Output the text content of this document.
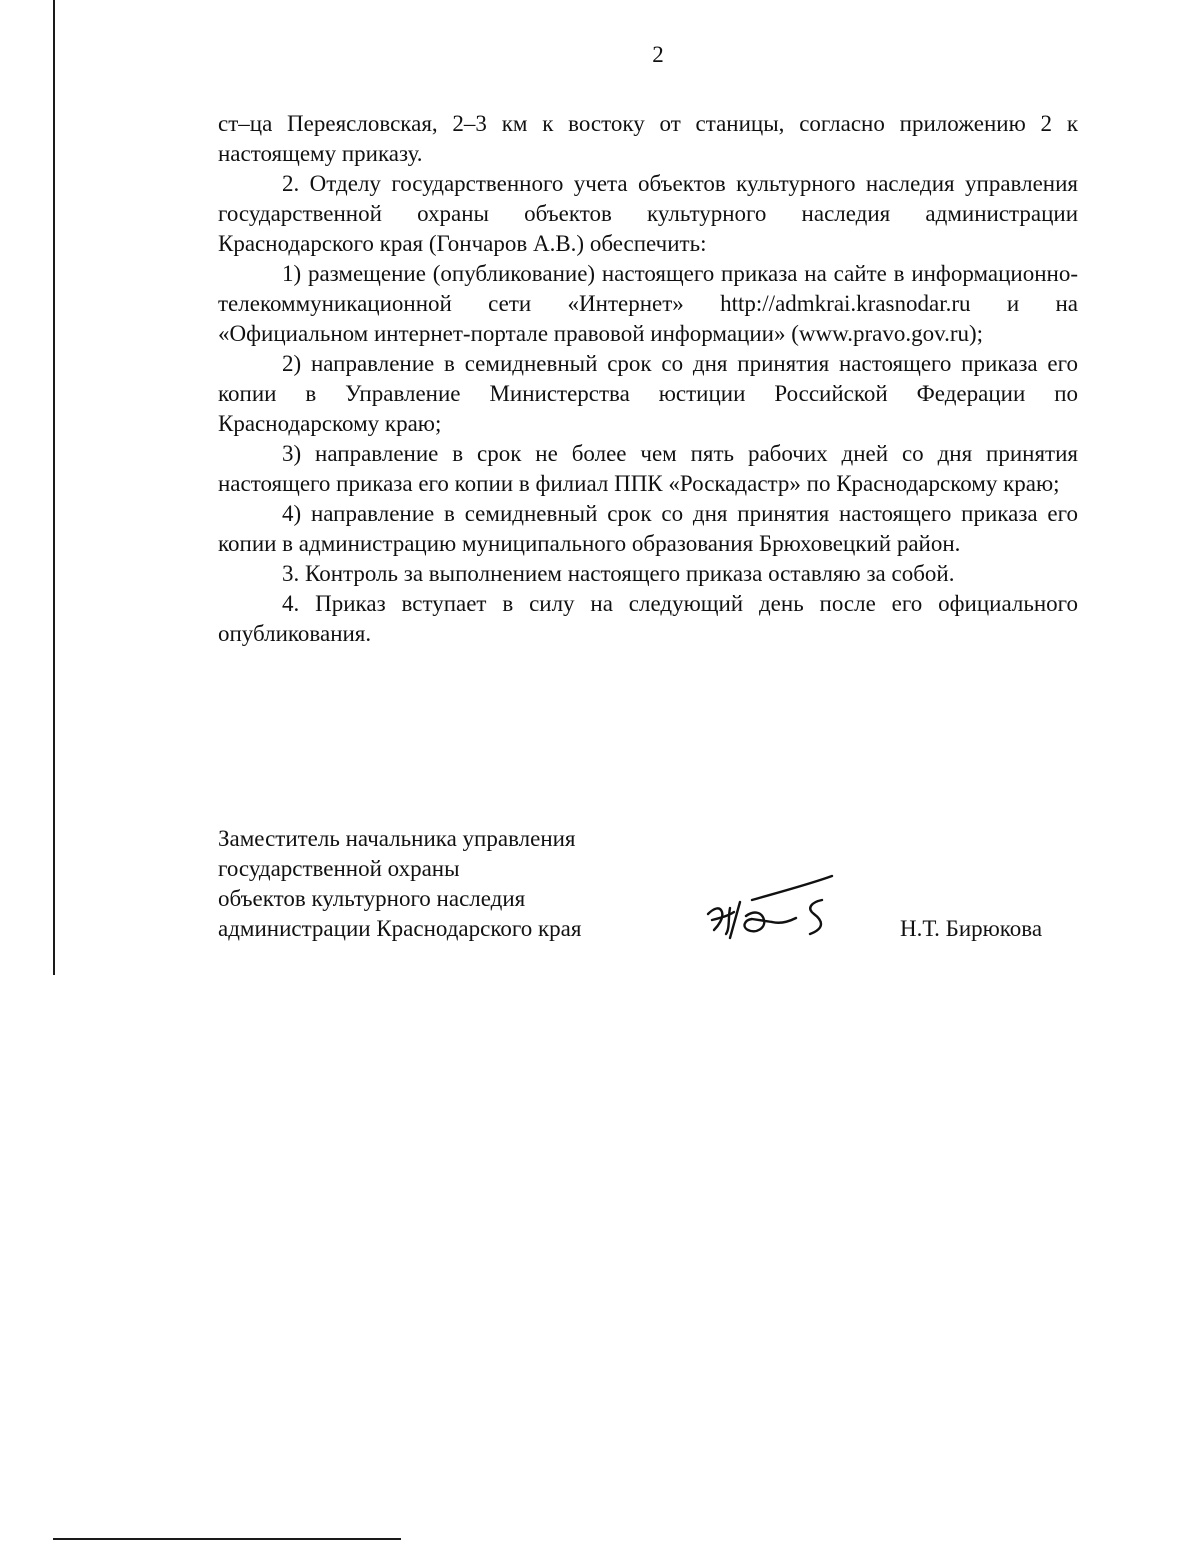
2

ст–ца Переясловская, 2–3 км к востоку от станицы, согласно приложению 2 к настоящему приказу.

2. Отделу государственного учета объектов культурного наследия управления государственной охраны объектов культурного наследия администрации Краснодарского края (Гончаров А.В.) обеспечить:

1) размещение (опубликование) настоящего приказа на сайте в информационно-телекоммуникационной сети «Интернет» http://admkrai.krasnodar.ru и на «Официальном интернет-портале правовой информации» (www.pravo.gov.ru);

2) направление в семидневный срок со дня принятия настоящего приказа его копии в Управление Министерства юстиции Российской Федерации по Краснодарскому краю;

3) направление в срок не более чем пять рабочих дней со дня принятия настоящего приказа его копии в филиал ППК «Роскадастр» по Краснодарскому краю;

4) направление в семидневный срок со дня принятия настоящего приказа его копии в администрацию муниципального образования Брюховецкий район.

3. Контроль за выполнением настоящего приказа оставляю за собой.

4. Приказ вступает в силу на следующий день после его официального опубликования.

Заместитель начальника управления
государственной охраны
объектов культурного наследия
администрации Краснодарского края	Н.Т. Бирюкова
